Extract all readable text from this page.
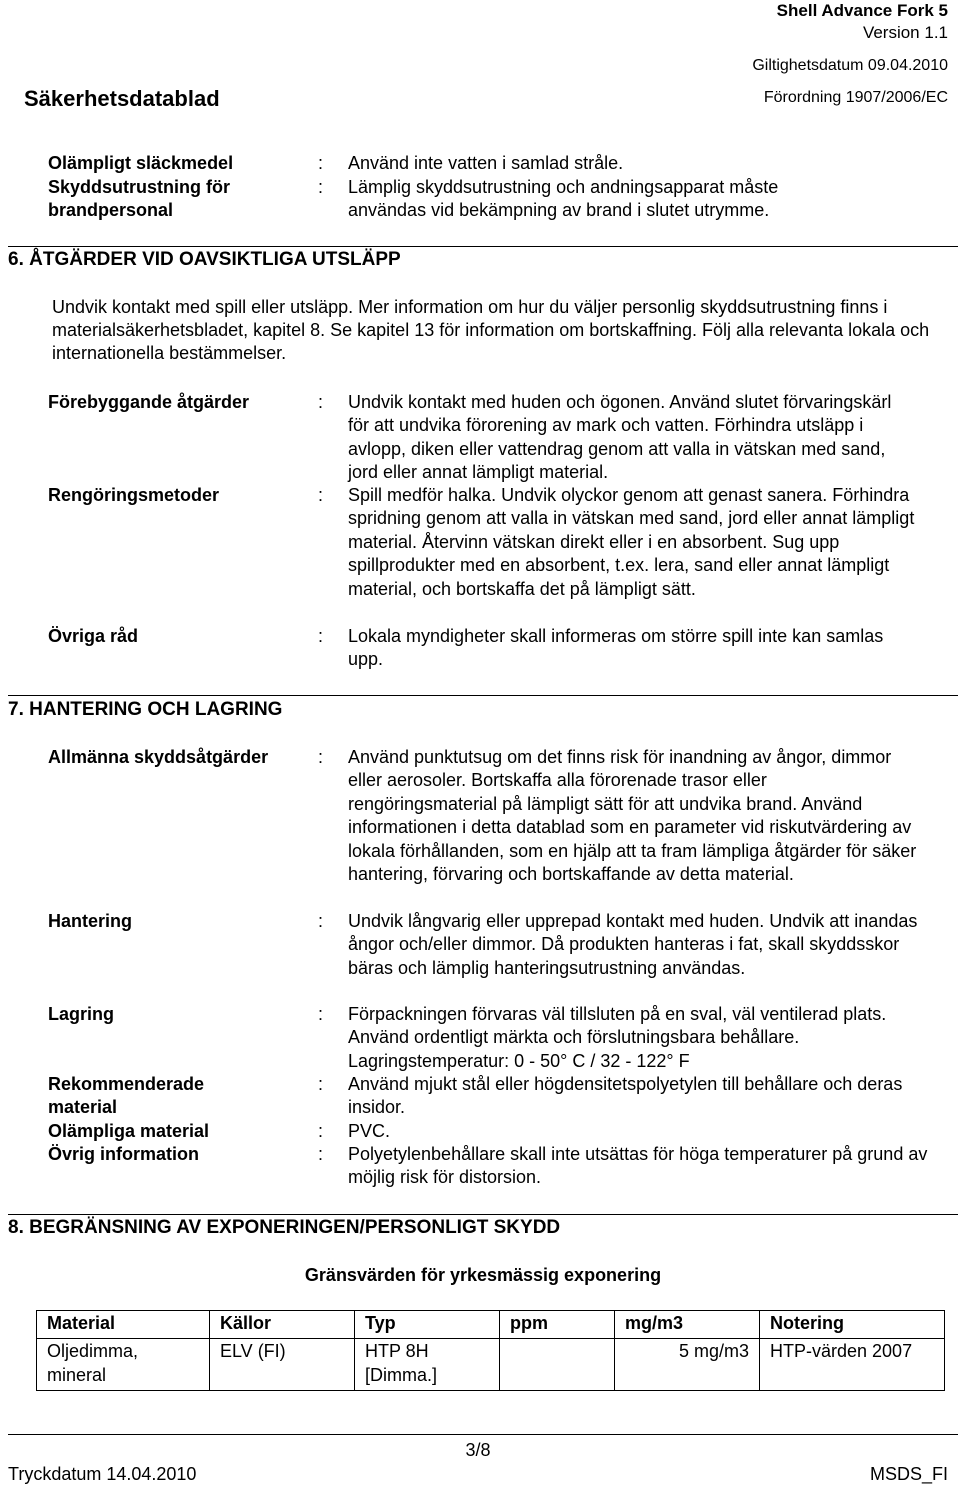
Shell Advance Fork 5
Version 1.1
Giltighetsdatum 09.04.2010
Förordning 1907/2006/EC
Säkerhetsdatablad
Olämpligt släckmedel	: Använd inte vatten i samlad stråle.
Skyddsutrustning för brandpersonal
: Lämplig skyddsutrustning och andningsapparat måste användas vid bekämpning av brand i slutet utrymme.
6. ÅTGÄRDER VID OAVSIKTLIGA UTSLÄPP
Undvik kontakt med spill eller utsläpp. Mer information om hur du väljer personlig skyddsutrustning finns i materialsäkerhetsbladet, kapitel 8. Se kapitel 13 för information om bortskaffning. Följ alla relevanta lokala och internationella bestämmelser.
Förebyggande åtgärder	: Undvik kontakt med huden och ögonen. Använd slutet förvaringskärl för att undvika förorening av mark och vatten. Förhindra utsläpp i avlopp, diken eller vattendrag genom att valla in vätskan med sand, jord eller annat lämpligt material.
Rengöringsmetoder	: Spill medför halka. Undvik olyckor genom att genast sanera. Förhindra spridning genom att valla in vätskan med sand, jord eller annat lämpligt material. Återvinn vätskan direkt eller i en absorbent. Sug upp spillprodukter med en absorbent, t.ex. lera, sand eller annat lämpligt material, och bortskaffa det på lämpligt sätt.
Övriga råd	: Lokala myndigheter skall informeras om större spill inte kan samlas upp.
7. HANTERING OCH LAGRING
Allmänna skyddsåtgärder	: Använd punktutsug om det finns risk för inandning av ångor, dimmor eller aerosoler. Bortskaffa alla förorenade trasor eller rengöringsmaterial på lämpligt sätt för att undvika brand. Använd informationen i detta datablad som en parameter vid riskutvärdering av lokala förhållanden, som en hjälp att ta fram lämpliga åtgärder för säker hantering, förvaring och bortskaffande av detta material.
Hantering	: Undvik långvarig eller upprepad kontakt med huden. Undvik att inandas ångor och/eller dimmor. Då produkten hanteras i fat, skall skyddsskor bäras och lämplig hanteringsutrustning användas.
Lagring	: Förpackningen förvaras väl tillsluten på en sval, väl ventilerad plats. Använd ordentligt märkta och förslutningsbara behållare. Lagringstemperatur: 0 - 50° C / 32 - 122° F
Rekommenderade material
: Använd mjukt stål eller högdensitetspolyetylen till behållare och deras insidor.
Olämpliga material	: PVC.
Övrig information	: Polyetylenbehållare skall inte utsättas för höga temperaturer på grund av möjlig risk för distorsion.
8. BEGRÄNSNING AV EXPONERINGEN/PERSONLIGT SKYDD
Gränsvärden för yrkesmässig exponering
Material	Källor	Typ	ppm	mg/m3	Notering
Oljedimma, mineral	ELV (FI)	HTP 8H [Dimma.]		5 mg/m3	HTP-värden 2007
3/8
Tryckdatum 14.04.2010	MSDS_FI
